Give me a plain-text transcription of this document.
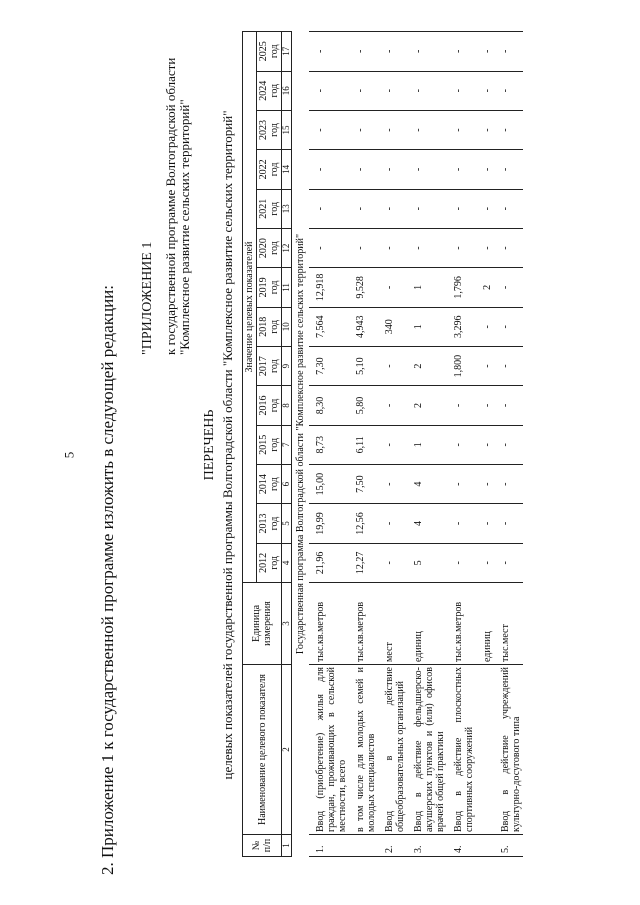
5 2. Приложение 1 к государственной программе изложить в следующей редакции: "ПРИЛОЖЕНИЕ 1 к государственной программе Волгоградской области "Комплексное развитие сельских территорий"
ПЕРЕЧЕНЬ целевых показателей государственной программы Волгоградской области "Комплексное развитие сельских территорий"
№ п/п	Наименование целевого показателя	Единица измерения	Значение целевых показателей													
			2012 год	2013 год	2014 год	2015 год	2016 год	2017 год	2018 год	2019 год	2020 год	2021 год	2022 год	2023 год	2024 год	2025 год
1	2	3	4	5	6	7	8	9	10	11	12	13	14	15	16	17
Государственная программа Волгоградской области "Комплексное развитие сельских территорий"																
1.	Ввод (приобретение) жилья для граждан, проживающих в сельской местности, всего	тыс.кв.метров	21,96	19,99	15,00	8,73	8,30	7,30	7,564	12,918	-	-	-	-	-	-
	в том числе для молодых семей и молодых специалистов	тыс.кв.метров	12,27	12,56	7,50	6,11	5,80	5,10	4,943	9,528	-	-	-	-	-	-
2.	Ввод в действие общеобразовательных организаций	мест	-	-	-	-	-	-	340	-	-	-	-	-	-	-
3.	Ввод в действие фельдшерско-акушерских пунктов и (или) офисов врачей общей практики	единиц	5	4	4	1	2	2	1	1	-	-	-	-	-	-
4.	Ввод в действие плоскостных спортивных сооружений	тыс.кв.метров	-	-	-	-	-	1,800	3,296	1,796	-	-	-	-	-	-
		единиц	-	-	-	-	-	-	-	2	-	-	-	-	-	-
5.	Ввод в действие учреждений культурно-досугового типа	тыс.мест	-	-	-	-	-	-	-	-	-	-	-	-	-	-
